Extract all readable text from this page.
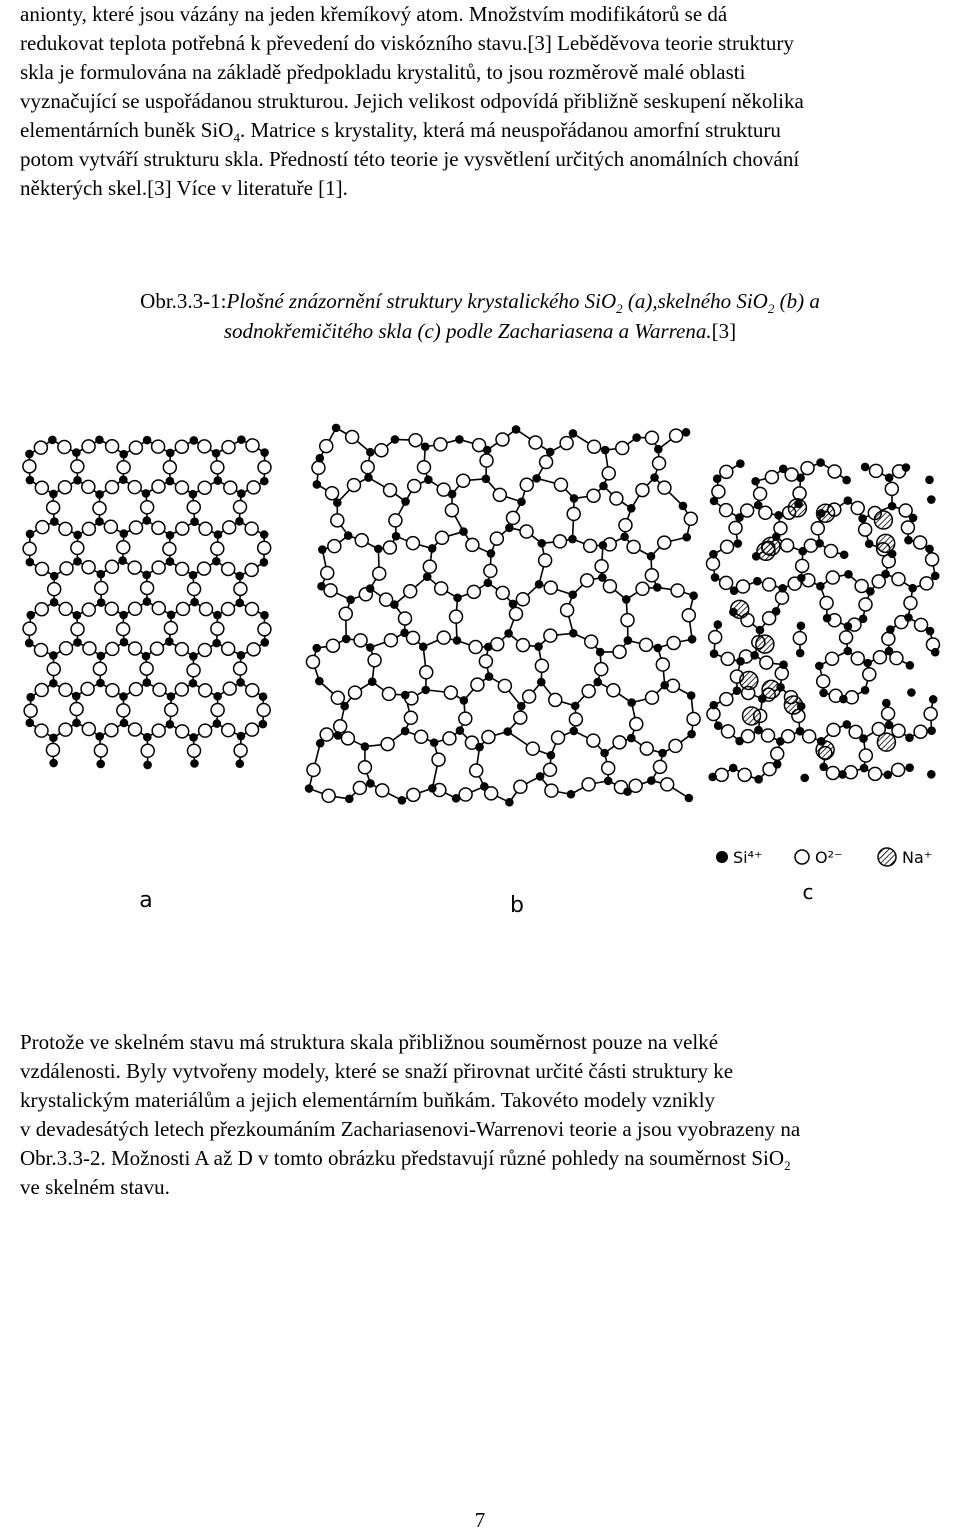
anionty, které jsou vázány na jeden křemíkový atom. Množstvím modifikátorů se dá
redukovat teplota potřebná k převedení do viskózního stavu.[3] Leběděvova teorie struktury
skla je formulována na základě předpokladu krystalitů, to jsou rozměrově malé oblasti
vyznačující se uspořádanou strukturou. Jejich velikost odpovídá přibližně seskupení několika
elementárních buněk SiO$_4$. Matrice s krystality, která má neuspořádanou amorfní strukturu
potom vytváří strukturu skla. Předností této teorie je vysvětlení určitých anomálních chování
některých skel.[3] Více v literatuře [1].
Obr.3.3-1:Plošné znázornění struktury krystalického SiO$_2$ (a),skelného SiO$_2$ (b) a
sodnokřemičitého skla (c) podle Zachariasena a Warrena.[3]
a	b
c
Si⁴⁺	O²⁻	Na⁺
Protože ve skelném stavu má struktura skala přibližnou souměrnost pouze na velké
vzdálenosti. Byly vytvořeny modely, které se snaží přirovnat určité části struktury ke
krystalickým materiálům a jejich elementárním buňkám. Takovéto modely vznikly
v devadesátých letech přezkoumáním Zachariasenovi-Warrenovi teorie a jsou vyobrazeny na
Obr.3.3-2. Možnosti A až D v tomto obrázku představují různé pohledy na souměrnost SiO$_2$
ve skelném stavu.
7
